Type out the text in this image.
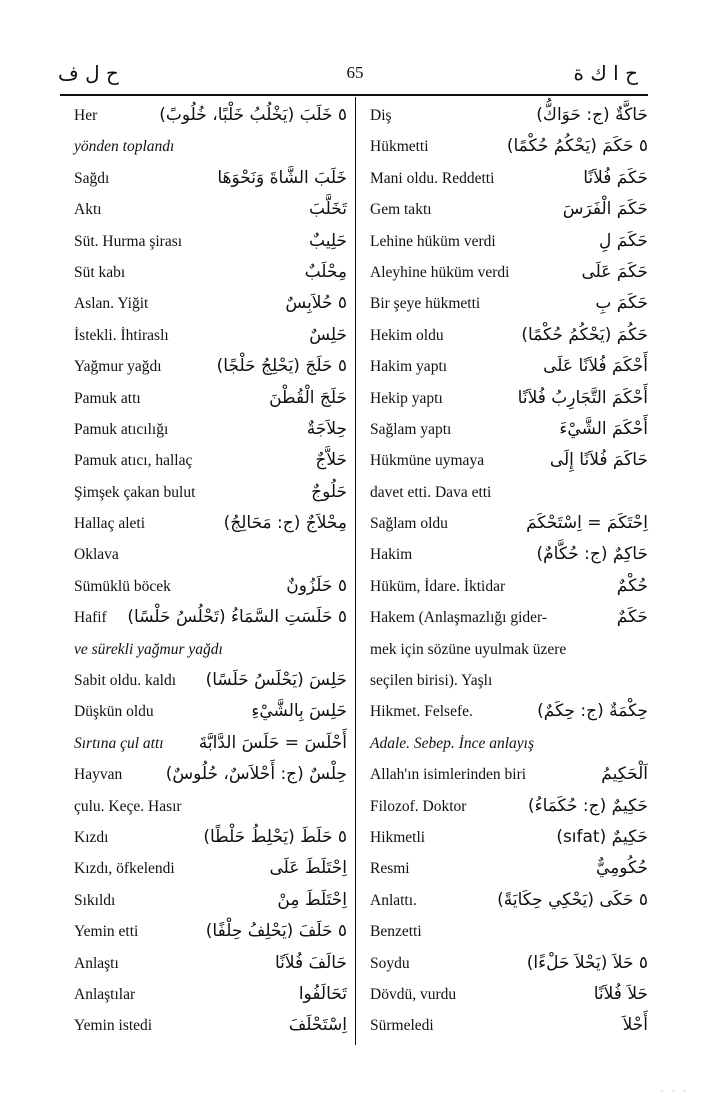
ح ل ف	65	ح ا ك ة
Her	٥ خَلَبَ (يَخْلُبُ خَلْبًا، خُلُوبً)
yönden toplandı
Sağdı	خَلَبَ الشَّاةَ وَنَحْوَهَا
Aktı	تَخَلَّبَ
Süt. Hurma şirası	حَلِيبٌ
Süt kabı	مِحْلَبٌ
Aslan. Yiğit	٥ حُلاَبِسٌ
İstekli. İhtiraslı	حَلِسٌ
Yağmur yağdı	٥ حَلَجَ (يَحْلِجُ حَلْجًا)
Pamuk attı	حَلَجَ الْقُطْنَ
Pamuk atıcılığı	حِلاَجَةٌ
Pamuk atıcı, hallaç	حَلاَّجٌ
Şimşek çakan bulut	حَلُوجٌ
Hallaç aleti	مِحْلاَجٌ (ج: مَحَالِجُ)
Oklava
Sümüklü böcek	٥ حَلَزُونٌ
Hafif ٥ حَلَسَتِ السَّمَاءُ (تَحْلُسُ حَلْسًا)
ve sürekli yağmur yağdı
Sabit oldu. kaldı حَلِسَ (يَحْلَسُ حَلَسًا)
Düşkün oldu	حَلِسَ بِالشَّيْءِ
Sırtına çul attı أَحْلَسَ = حَلَسَ الدَّابَّةَ
Hayvan	حِلْسٌ (ج: أَحْلاَسٌ، حُلُوسٌ)
çulu. Keçe. Hasır
Kızdı	٥ حَلَطَ (يَحْلِطُ حَلْطًا)
Kızdı, öfkelendi	اِحْتَلَطَ عَلَى
Sıkıldı	اِحْتَلَطَ مِنْ
Yemin etti	٥ حَلَفَ (يَحْلِفُ حِلْفًا)
Anlaştı	حَالَفَ فُلاَنًا
Anlaştılar	تَحَالَفُوا
Yemin istedi	اِسْتَحْلَفَ
Diş	حَاكَّةٌ (ج: حَوَاكُّ)
Hükmetti	٥ حَكَمَ (يَحْكُمُ حُكْمًا)
Mani oldu. Reddetti	حَكَمَ فُلاَنًا
Gem taktı	حَكَمَ الْفَرَسَ
Lehine hüküm verdi	حَكَمَ لِ
Aleyhine hüküm verdi	حَكَمَ عَلَى
Bir şeye hükmetti	حَكَمَ بِ
Hekim oldu	حَكُمَ (يَحْكُمُ حُكْمًا)
Hakim yaptı	أَحْكَمَ فُلاَنًا عَلَى
Hekip yaptı	أَحْكَمَ التَّجَارِبُ فُلاَنًا
Sağlam yaptı	أَحْكَمَ الشَّيْءَ
Hükmüne uymaya	حَاكَمَ فُلاَنًا إِلَى
davet etti. Dava etti
Sağlam oldu	اِحْتَكَمَ = اِسْتَحْكَمَ
Hakim	حَاكِمٌ (ج: حُكَّامٌ)
Hüküm, İdare. İktidar	حُكْمٌ
Hakem (Anlaşmazlığı gider-	حَكَمٌ
mek için sözüne uyulmak üzere
seçilen birisi). Yaşlı
Hikmet. Felsefe.	حِكْمَةٌ (ج: حِكَمٌ)
Adale. Sebep. İnce anlayış
Allah'ın isimlerinden biri	اَلْحَكِيمُ
Filozof. Doktor	حَكِيمٌ (ج: حُكَمَاءُ)
Hikmetli	حَكِيمٌ (sıfat)
Resmi	حُكُومِيٌّ
Anlattı.	٥ حَكَى (يَحْكِي حِكَايَةً)
Benzetti
Soydu	٥ حَلاَ (يَحْلاَ حَلْءًا)
Dövdü, vurdu	حَلاَ فُلاَنًا
Sürmeledi	أَحْلاَ
· · ·
